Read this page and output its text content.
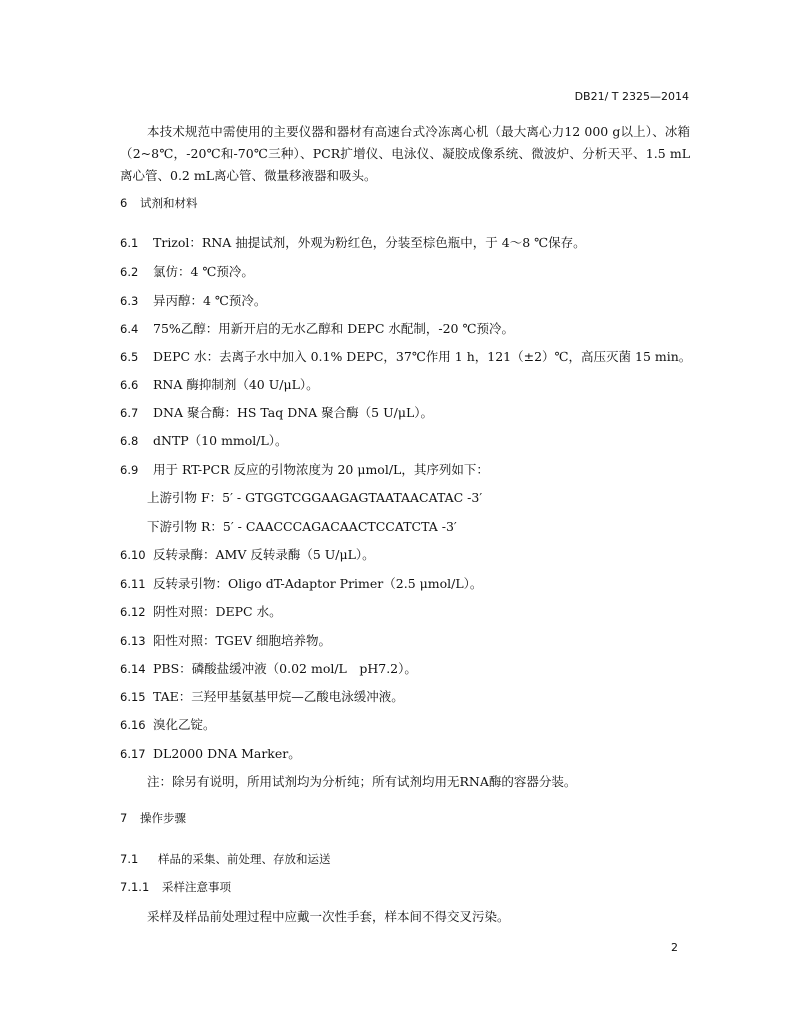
DB21/ T 2325—2014
本技术规范中需使用的主要仪器和器材有高速台式冷冻离心机（最大离心力12 000 g以上）、冰箱（2~8℃，-20℃和-70℃三种）、PCR扩增仪、电泳仪、凝胶成像系统、微波炉、分析天平、1.5 mL离心管、0.2 mL离心管、微量移液器和吸头。
6 试剂和材料
6.1 Trizol：RNA 抽提试剂，外观为粉红色，分装至棕色瓶中，于 4～8 ℃保存。
6.2 氯仿：4 ℃预冷。
6.3 异丙醇：4 ℃预冷。
6.4 75%乙醇：用新开启的无水乙醇和 DEPC 水配制，-20 ℃预冷。
6.5 DEPC 水：去离子水中加入 0.1% DEPC，37℃作用 1 h，121（±2）℃，高压灭菌 15 min。
6.6 RNA 酶抑制剂（40 U/μL）。
6.7 DNA 聚合酶：HS Taq DNA 聚合酶（5 U/μL）。
6.8 dNTP（10 mmol/L）。
6.9 用于 RT-PCR 反应的引物浓度为 20 μmol/L，其序列如下：
上游引物 F：5′ - GTGGTCGGAAGAGTAATAACATAC -3′
下游引物 R：5′ - CAACCCAGACAACTCCATCTA -3′
6.10 反转录酶：AMV 反转录酶（5 U/μL）。
6.11 反转录引物：Oligo dT-Adaptor Primer（2.5 μmol/L）。
6.12 阴性对照：DEPC 水。
6.13 阳性对照：TGEV 细胞培养物。
6.14 PBS：磷酸盐缓冲液（0.02 mol/L　pH7.2）。
6.15 TAE：三羟甲基氨基甲烷—乙酸电泳缓冲液。
6.16 溴化乙锭。
6.17 DL2000 DNA Marker。
注：除另有说明，所用试剂均为分析纯；所有试剂均用无RNA酶的容器分装。
7 操作步骤
7.1 样品的采集、前处理、存放和运送
7.1.1 采样注意事项
采样及样品前处理过程中应戴一次性手套，样本间不得交叉污染。
2
